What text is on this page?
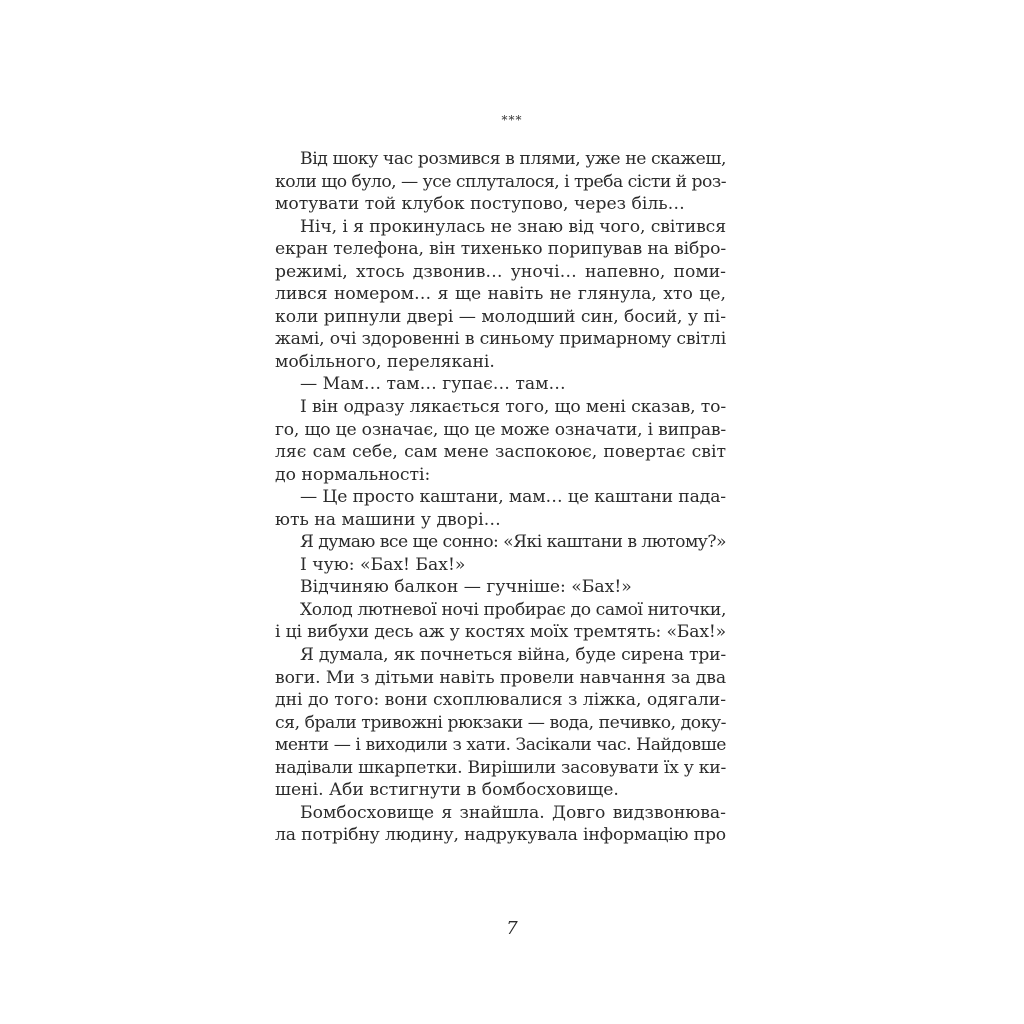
***
Від шоку час розмився в плями, уже не скажеш,
коли що було, — усе сплуталося, і треба сісти й роз-
мотувати той клубок поступово, через біль…
Ніч, і я прокинулась не знаю від чого, світився
екран телефона, він тихенько порипував на вібро-
режимі, хтось дзвонив… уночі… напевно, поми-
лився номером… я ще навіть не глянула, хто це,
коли рипнули двері — молодший син, босий, у пі-
жамі, очі здоровенні в синьому примарному світлі
мобільного, перелякані.
— Мам… там… гупає… там…
І він одразу лякається того, що мені сказав, то-
го, що це означає, що це може означати, і виправ-
ляє сам себе, сам мене заспокоює, повертає світ
до нормальності:
— Це просто каштани, мам… це каштани пада-
ють на машини у дворі…
Я думаю все ще сонно: «Які каштани в лютому?»
І чую: «Бах! Бах!»
Відчиняю балкон — гучніше: «Бах!»
Холод лютневої ночі пробирає до самої ниточки,
і ці вибухи десь аж у костях моїх тремтять: «Бах!»
Я думала, як почнеться війна, буде сирена три-
воги. Ми з дітьми навіть провели навчання за два
дні до того: вони схоплювалися з ліжка, одягали-
ся, брали тривожні рюкзаки — вода, печивко, доку-
менти — і виходили з хати. Засікали час. Найдовше
надівали шкарпетки. Вирішили засовувати їх у ки-
шені. Аби встигнути в бомбосховище.
Бомбосховище я знайшла. Довго видзвонюва-
ла потрібну людину, надрукувала інформацію про
7
